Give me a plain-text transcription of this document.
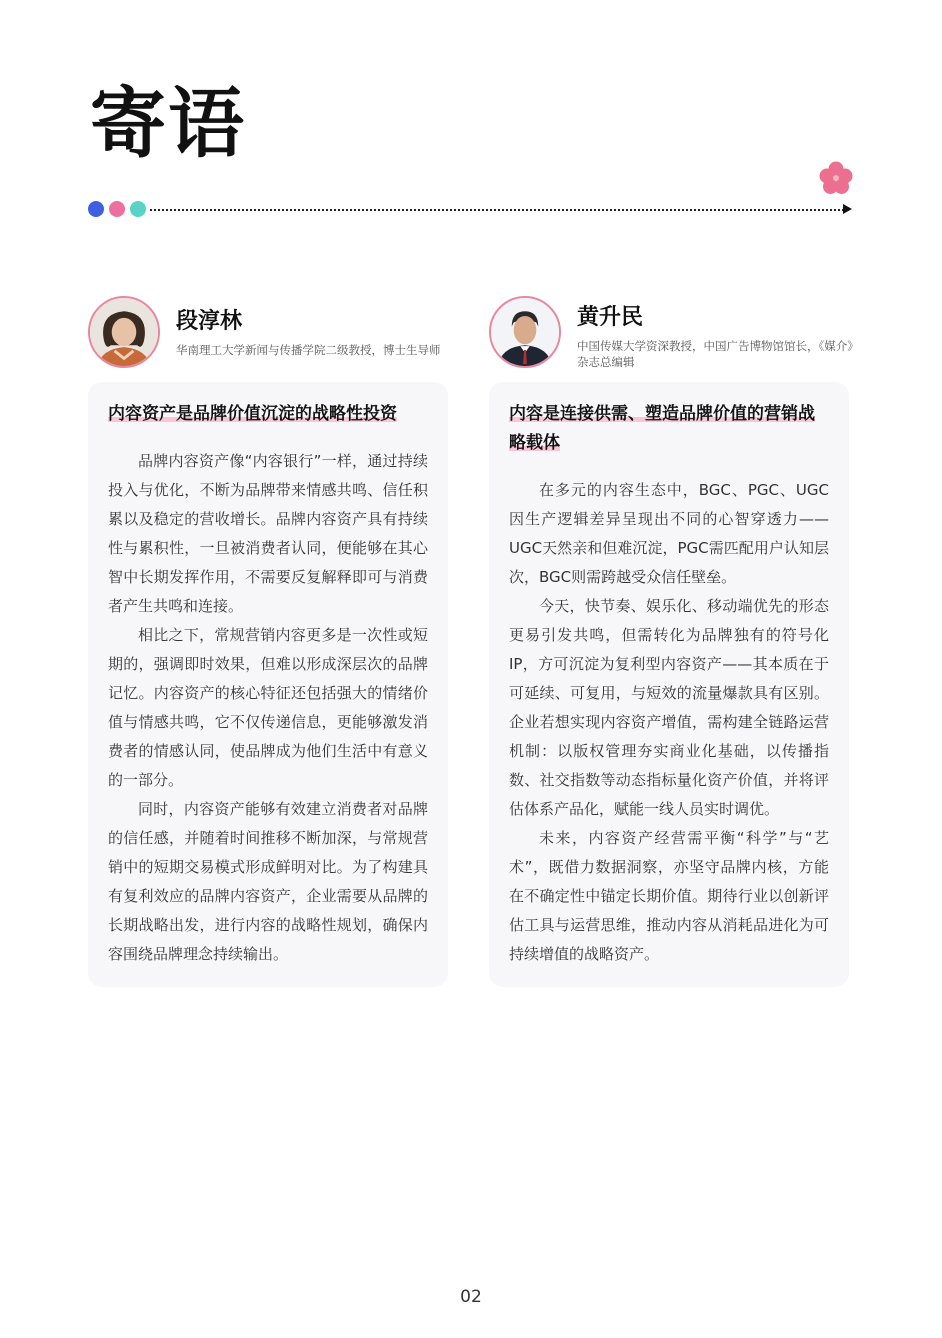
寄语
段淳林
华南理工大学新闻与传播学院二级教授，博士生导师
内容资产是品牌价值沉淀的战略性投资

品牌内容资产像“内容银行”一样，通过持续投入与优化，不断为品牌带来情感共鸣、信任积累以及稳定的营收增长。品牌内容资产具有持续性与累积性，一旦被消费者认同，便能够在其心智中长期发挥作用，不需要反复解释即可与消费者产生共鸣和连接。

相比之下，常规营销内容更多是一次性或短期的，强调即时效果，但难以形成深层次的品牌记忆。内容资产的核心特征还包括强大的情绪价值与情感共鸣，它不仅传递信息，更能够激发消费者的情感认同，使品牌成为他们生活中有意义的一部分。

同时，内容资产能够有效建立消费者对品牌的信任感，并随着时间推移不断加深，与常规营销中的短期交易模式形成鲜明对比。为了构建具有复利效应的品牌内容资产，企业需要从品牌的长期战略出发，进行内容的战略性规划，确保内容围绕品牌理念持续输出。

黄升民
中国传媒大学资深教授，中国广告博物馆馆长，《媒介》杂志总编辑
内容是连接供需、塑造品牌价值的营销战略载体

在多元的内容生态中，BGC、PGC、UGC因生产逻辑差异呈现出不同的心智穿透力——UGC天然亲和但难沉淀，PGC需匹配用户认知层次，BGC则需跨越受众信任壁垒。

今天，快节奏、娱乐化、移动端优先的形态更易引发共鸣，但需转化为品牌独有的符号化IP，方可沉淀为复利型内容资产——其本质在于可延续、可复用，与短效的流量爆款具有区别。企业若想实现内容资产增值，需构建全链路运营机制：以版权管理夯实商业化基础，以传播指数、社交指数等动态指标量化资产价值，并将评估体系产品化，赋能一线人员实时调优。

未来，内容资产经营需平衡“科学”与“艺术”，既借力数据洞察，亦坚守品牌内核，方能在不确定性中锚定长期价值。期待行业以创新评估工具与运营思维，推动内容从消耗品进化为可持续增值的战略资产。

02
